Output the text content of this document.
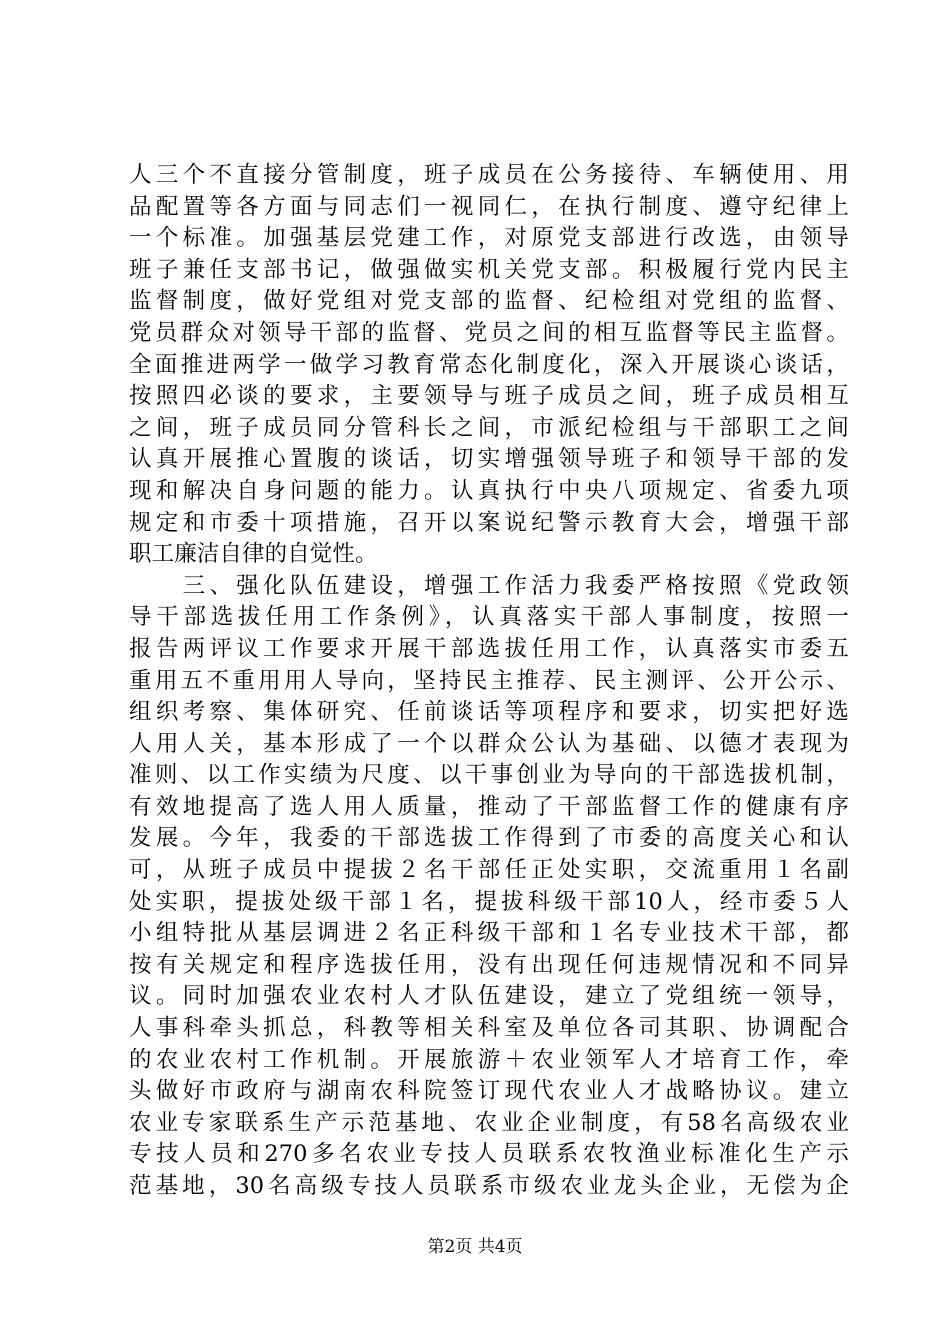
人三个不直接分管制度，班子成员在公务接待、车辆使用、用
品配置等各方面与同志们一视同仁，在执行制度、遵守纪律上
一个标准。加强基层党建工作，对原党支部进行改选，由领导
班子兼任支部书记，做强做实机关党支部。积极履行党内民主
监督制度，做好党组对党支部的监督、纪检组对党组的监督、
党员群众对领导干部的监督、党员之间的相互监督等民主监督。
全面推进两学一做学习教育常态化制度化，深入开展谈心谈话，
按照四必谈的要求，主要领导与班子成员之间，班子成员相互
之间，班子成员同分管科长之间，市派纪检组与干部职工之间
认真开展推心置腹的谈话，切实增强领导班子和领导干部的发
现和解决自身问题的能力。认真执行中央八项规定、省委九项
规定和市委十项措施，召开以案说纪警示教育大会，增强干部
职工廉洁自律的自觉性。
　　三、强化队伍建设，增强工作活力我委严格按照《党政领
导干部选拔任用工作条例》，认真落实干部人事制度，按照一
报告两评议工作要求开展干部选拔任用工作，认真落实市委五
重用五不重用用人导向，坚持民主推荐、民主测评、公开公示、
组织考察、集体研究、任前谈话等项程序和要求，切实把好选
人用人关，基本形成了一个以群众公认为基础、以德才表现为
准则、以工作实绩为尺度、以干事创业为导向的干部选拔机制，
有效地提高了选人用人质量，推动了干部监督工作的健康有序
发展。今年，我委的干部选拔工作得到了市委的高度关心和认
可，从班子成员中提拔２名干部任正处实职，交流重用１名副
处实职，提拔处级干部１名，提拔科级干部10人，经市委５人
小组特批从基层调进２名正科级干部和１名专业技术干部，都
按有关规定和程序选拔任用，没有出现任何违规情况和不同异
议。同时加强农业农村人才队伍建设，建立了党组统一领导，
人事科牵头抓总，科教等相关科室及单位各司其职、协调配合
的农业农村工作机制。开展旅游＋农业领军人才培育工作，牵
头做好市政府与湖南农科院签订现代农业人才战略协议。建立
农业专家联系生产示范基地、农业企业制度，有58名高级农业
专技人员和270多名农业专技人员联系农牧渔业标准化生产示
范基地，30名高级专技人员联系市级农业龙头企业，无偿为企
第2页 共4页
